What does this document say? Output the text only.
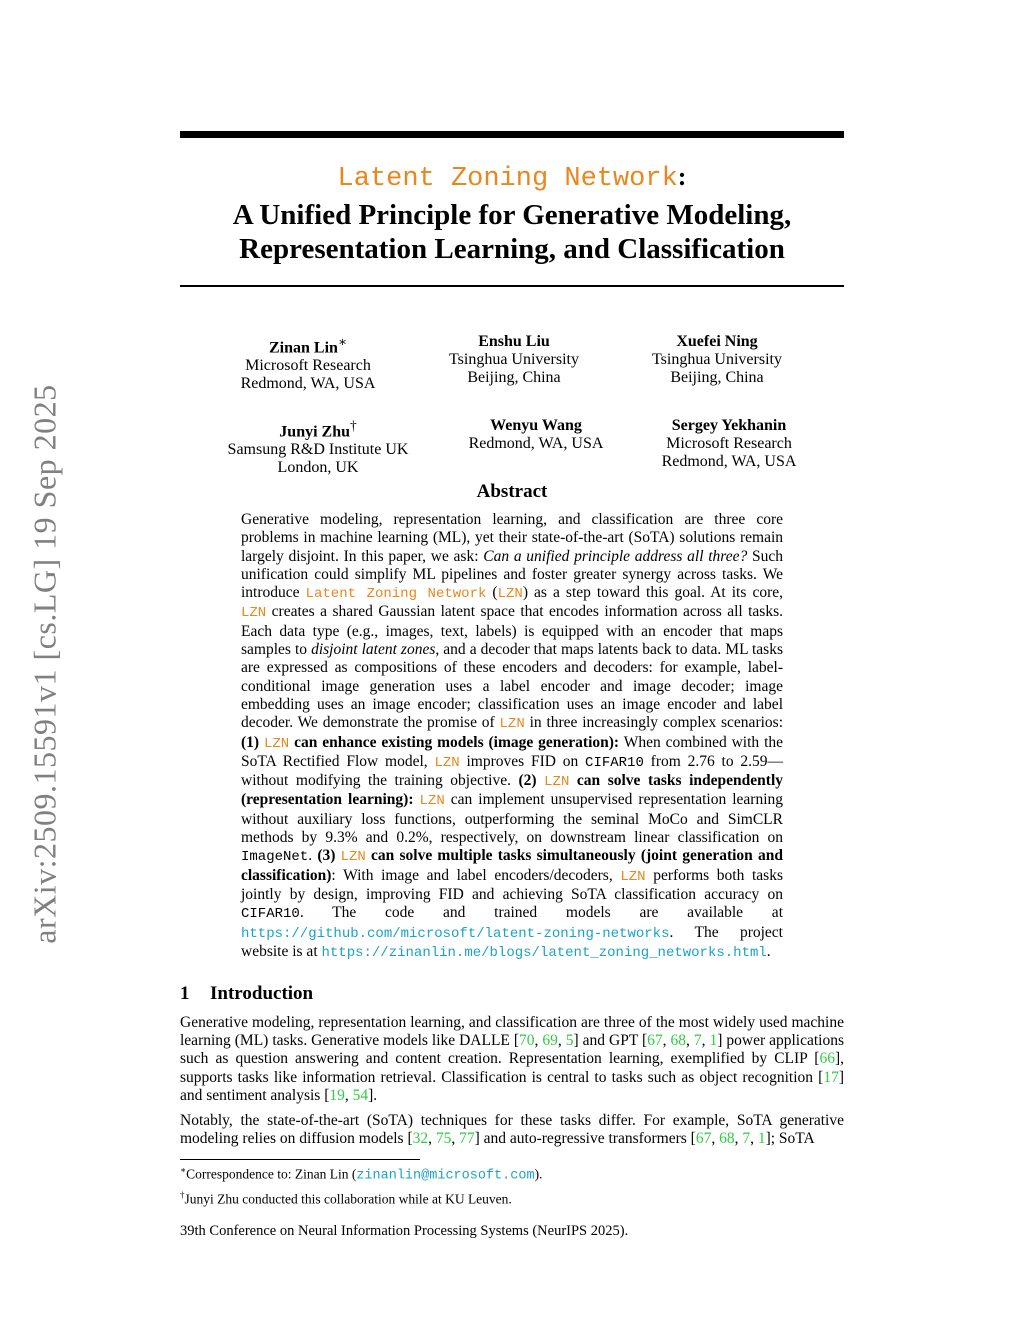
arXiv:2509.15591v1 [cs.LG] 19 Sep 2025
Latent Zoning Network:
A Unified Principle for Generative Modeling,
Representation Learning, and Classification
Zinan Lin∗
Microsoft Research
Redmond, WA, USA
Enshu Liu
Tsinghua University
Beijing, China
Xuefei Ning
Tsinghua University
Beijing, China
Junyi Zhu†
Samsung R&D Institute UK
London, UK
Wenyu Wang
Redmond, WA, USA
Sergey Yekhanin
Microsoft Research
Redmond, WA, USA
Abstract
Generative modeling, representation learning, and classification are three core problems in machine learning (ML), yet their state-of-the-art (SoTA) solutions remain largely disjoint. In this paper, we ask: Can a unified principle address all three? Such unification could simplify ML pipelines and foster greater synergy across tasks. We introduce Latent Zoning Network (LZN) as a step toward this goal. At its core, LZN creates a shared Gaussian latent space that encodes information across all tasks. Each data type (e.g., images, text, labels) is equipped with an encoder that maps samples to disjoint latent zones, and a decoder that maps latents back to data. ML tasks are expressed as compositions of these encoders and decoders: for example, label-conditional image generation uses a label encoder and image decoder; image embedding uses an image encoder; classification uses an image encoder and label decoder. We demonstrate the promise of LZN in three increasingly complex scenarios: (1) LZN can enhance existing models (image generation): When combined with the SoTA Rectified Flow model, LZN improves FID on CIFAR10 from 2.76 to 2.59—without modifying the training objective. (2) LZN can solve tasks independently (representation learning): LZN can implement unsupervised representation learning without auxiliary loss functions, outperforming the seminal MoCo and SimCLR methods by 9.3% and 0.2%, respectively, on downstream linear classification on ImageNet. (3) LZN can solve multiple tasks simultaneously (joint generation and classification): With image and label encoders/decoders, LZN performs both tasks jointly by design, improving FID and achieving SoTA classification accuracy on CIFAR10. The code and trained models are available at https://github.com/microsoft/latent-zoning-networks. The project website is at https://zinanlin.me/blogs/latent_zoning_networks.html.
1 Introduction

Generative modeling, representation learning, and classification are three of the most widely used machine learning (ML) tasks. Generative models like DALLE [70, 69, 5] and GPT [67, 68, 7, 1] power applications such as question answering and content creation. Representation learning, exemplified by CLIP [66], supports tasks like information retrieval. Classification is central to tasks such as object recognition [17] and sentiment analysis [19, 54].

Notably, the state-of-the-art (SoTA) techniques for these tasks differ. For example, SoTA generative modeling relies on diffusion models [32, 75, 77] and auto-regressive transformers [67, 68, 7, 1]; SoTA

∗Correspondence to: Zinan Lin (zinanlin@microsoft.com).
†Junyi Zhu conducted this collaboration while at KU Leuven.
39th Conference on Neural Information Processing Systems (NeurIPS 2025).
